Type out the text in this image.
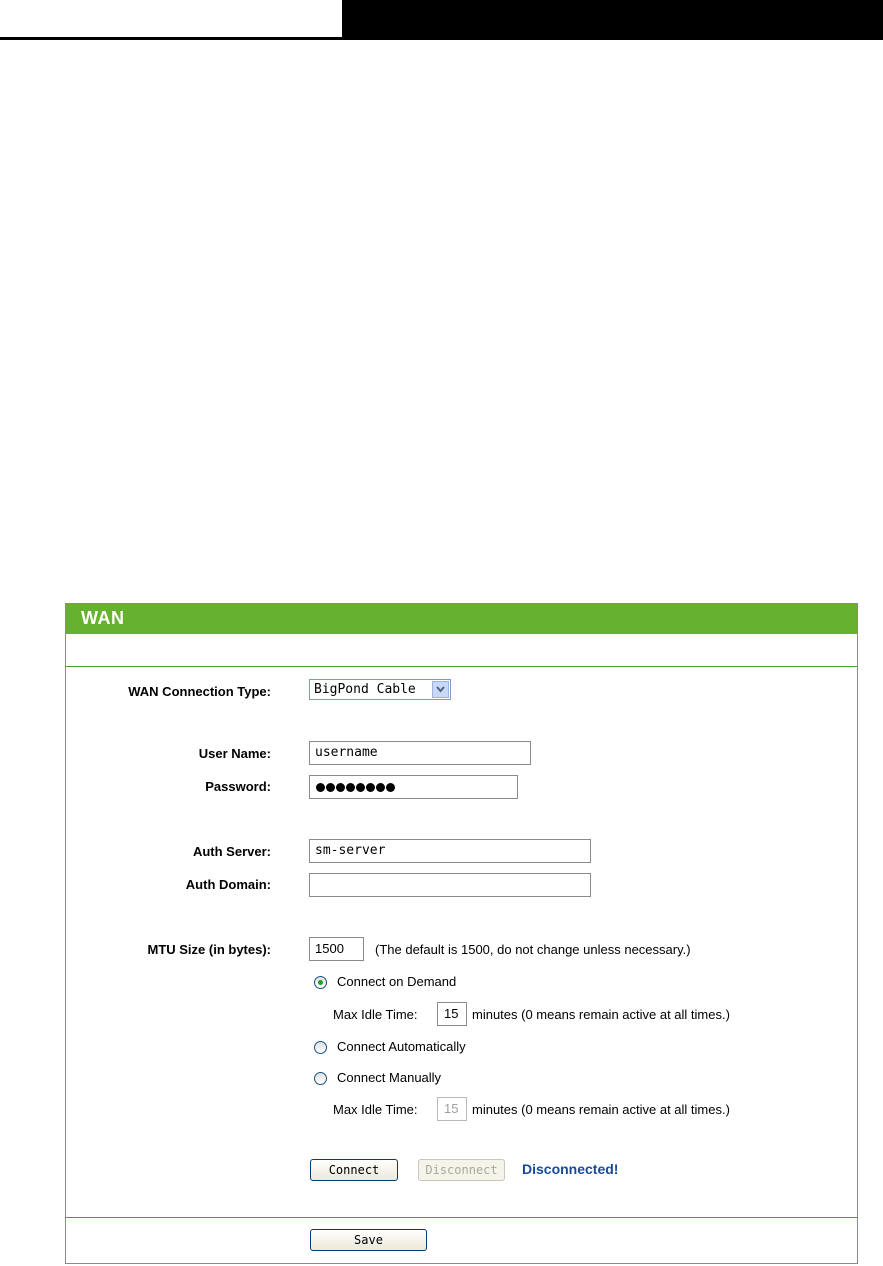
WAN
WAN Connection Type:	BigPond Cable
User Name:	username
Password:
Auth Server:	sm-server
Auth Domain:
MTU Size (in bytes):	1500	(The default is 1500, do not change unless necessary.)
Connect on Demand
Max Idle Time:	15	minutes (0 means remain active at all times.)
Connect Automatically
Connect Manually
Max Idle Time:	15	minutes (0 means remain active at all times.)
Connect	Disconnect	Disconnected!
Save
